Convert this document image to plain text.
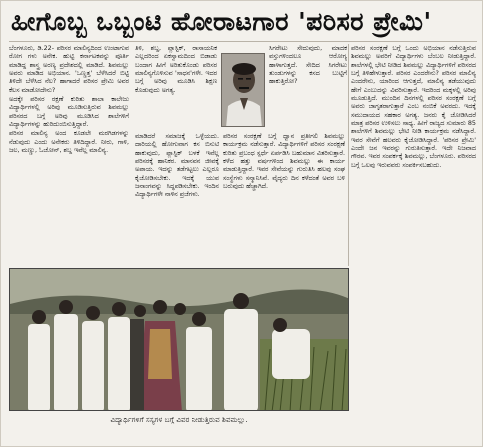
ಹೀಗೊಬ್ಬ ಒಬ್ಬಂಟಿ ಹೋರಾಟಗಾರ 'ಪರಿಸರ ಪ್ರೇಮಿ'

ಬೆಂಗಳೂರು, ಡಿ.22- ಪರಿಸರ ಮಾಲಿನ್ಯದಿಂದ ಉಂಟಾಗುವ ರೋಗ ಗಳು ಅನೇಕ. ಹುಟ್ಟಿ ಕರ್ನಾಟಕವನ್ನು ಪೂರ್ತಿ ಮಾಡಿದ್ದ ಶಾಸ್ತ್ರ ಅರಣ್ಯ ಪ್ರದೇಶದಲ್ಲಿ ಮಾಡಿದೆ. ಶಿವಮಲ್ಲು ಅವರು ಮಾಡಿದ ಅಭಿಯಾನ. 'ಒಣ್ಣತ್ತ' ಬೆಳೆಸಿದರೆ ಬಿಟ್ಟಿ ತಿಳಿದೇ ಬೆಳೆಸಿದ ನೆಲ? ಹಾಗಾದರೆ ಪರಿಸರ ಪ್ರೇಮಿ ಅವರ ಕೆಲಸ ಮಾಡೋದೇನು?

ಅದಕ್ಕೇ ಪರಿಸರ ರಕ್ಷಣೆ ಕುರಿತು ಶಾಲಾ ಕಾಲೇಜು ವಿದ್ಯಾರ್ಥಿಗಳಲ್ಲಿ ಅರಿವು ಮೂಡಿಸುತ್ತಿರುವ ಶಿವಮಲ್ಲು ಪರಿಸರದ ಬಗ್ಗೆ ಅರಿವು ಮೂಡಿಸಿದ ಶಾಲೆಗಳಿಗೆ ವಿದ್ಯಾರ್ಥಿಗಳನ್ನು ಹುರಿದುಂಬಿಸುತ್ತಿದ್ದಾರೆ.

ಪರಿಸರ ಮಾಲಿನ್ಯ ಅಂದ ಕೂಡಲೇ ಮರಗಿಡಗಳನ್ನು ನೆಡುವುದು ಎಂದು ಅನೇಕರು ತಿಳಿದಿದ್ದಾರೆ. ನೀರು, ಗಾಳಿ, ಜಲ, ಮಣ್ಣು, ಓಜೋನ್, ಶಬ್ದ ಇವೆಲ್ಲ ಮಾಲಿನ್ಯ.

ತಿಳಿ, ಶಬ್ದ, ಪ್ಲಾಸ್ಟಿಕ್, ರಾಸಾಯನಿಕ ಎಲ್ಲದರಿಂದ ಏಕಸ್ವಾಮದಿಂದ ಬಿಡಾಡು ಬಂದಾಗ ಹೀಗೆ ಅರಿತುಕೊಂಡು ಪರಿಸರ ಮಾಲಿನ್ಯಗೊಳಿಸುವ 'ಸಾಧನ'ಗಳೇ. ಇದರ ಬಗ್ಗೆ ಅರಿವು ಮೂಡಿಸಿ ಶಿಕ್ಷಣ ಕೊಡುವುದು ಅಗತ್ಯ.

ಸಿಗರೇಟು ಸೇದುವುದು, ಮಾದಕ ವಸ್ತುಗಳಿಂದಲೂ ಆರೋಗ್ಯ ಹಾಳಾಗುತ್ತದೆ. ಸೇದಿದ ಸಿಗರೇಟು ತುಂಡುಗಳನ್ನು ಕಸದ ಬುಟ್ಟಿಗೆ ಹಾಕುತ್ತಿರೋ?

ಮಾಡಿದರೆ ಸಮಾಜಕ್ಕೆ ಒಳ್ಳೆಯದು. ದಾರಿಯಲ್ಲಿ ಹೋಗುವಾಗ ಕಸ ಬಿಸುಟಿ ಹಾಕುವುದು, ಪ್ಲಾಸ್ಟಿಕ್ ಬಳಕೆ ಇವೆಲ್ಲ ಪರಿಸರಕ್ಕೆ ಹಾನಿಕರ. ಮಾನವನ ಜೀವಕ್ಕೆ ಅಪಾಯ. ಇದನ್ನು ತಡೆಗಟ್ಟಲು ಎಲ್ಲರೂ ಕೈಜೋಡಿಸಬೇಕು. ಇದಕ್ಕೆ ಯುವ ಜನಾಂಗವನ್ನು ಸಿದ್ಧಪಡಿಸಬೇಕು. ಇಂದಿನ ವಿದ್ಯಾರ್ಥಿಗಳೇ ನಾಳಿನ ಪ್ರಜೆಗಳು.

ಪರಿಸರ ಸಂರಕ್ಷಣೆ ಬಗ್ಗೆ ಧ್ವಾನ ಪ್ರತೀಗಲಿ ಶಿವಮಲ್ಲು ಕಾರ್ಯಕ್ರಮ ನಡೆಸುತ್ತಾರೆ. ವಿದ್ಯಾರ್ಥಿಗಳಿಗೆ ಪರಿಸರ ಸಂರಕ್ಷಣೆ ಕುರಿತು ಪ್ರಬಂಧ ಸ್ಪರ್ಧೆ ಏರ್ಪಡಿಸಿ ಬಹುಮಾನ ವಿತರಿಸುತ್ತಾರೆ. ಕಳೆದ ಹತ್ತು ವರ್ಷಗಳಿಂದ ಶಿವಮಲ್ಲು ಈ ಕಾರ್ಯ ಮಾಡುತ್ತಿದ್ದಾರೆ. ಇವರ ಸೇವೆಯನ್ನು ಗುರುತಿಸಿ ಹಲವು ಸಂಘ ಸಂಸ್ಥೆಗಳು ಸನ್ಮಾನಿಸಿವೆ. ವೈದ್ಯರು ದಿನ ಕಳೆದಂತೆ ಅವರ ಬಳಿ ಬರುವುದು ಹೆಚ್ಚಾಗಿದೆ.

ಪರಿಸರ ಸಂರಕ್ಷಣೆ ಬಗ್ಗೆ ಒಂದು ಅಭಿಯಾನ ನಡೆಸುತ್ತಿರುವ ಶಿವಮಲ್ಲು ಅವರಿಗೆ ವಿದ್ಯಾರ್ಥಿಗಳು ಬೆಂಬಲ ನೀಡುತ್ತಿದ್ದಾರೆ. ಶಾಲೆಗಳಲ್ಲಿ ಭೇಟಿ ನೀಡಿದ ಶಿವಮಲ್ಲು ವಿದ್ಯಾರ್ಥಿಗಳಿಗೆ ಪರಿಸರದ ಬಗ್ಗೆ ತಿಳಿಹೇಳುತ್ತಾರೆ. ಪರಿಸರ ಎಂದರೇನು? ಪರಿಸರ ಮಾಲಿನ್ಯ ಎಂದರೇನು, ಯಾರಿಂದ ಆಗುತ್ತದೆ, ಮಾಲಿನ್ಯ ತಡೆಯುವುದು ಹೇಗೆ ಎಂಬುದನ್ನು ವಿವರಿಸುತ್ತಾರೆ. ಇದರಿಂದ ಮಕ್ಕಳಲ್ಲಿ ಅರಿವು ಮೂಡುತ್ತಿದೆ. ಮುಂದಿನ ದಿನಗಳಲ್ಲಿ ಪರಿಸರ ಸಂರಕ್ಷಣೆ ಬಗ್ಗೆ ಅವರು ಜಾಗೃತರಾಗುತ್ತಾರೆ ಎಂಬ ನಂಬಿಕೆ ಅವರದು. ಇದಕ್ಕೆ ಸಮುದಾಯದ ಸಹಕಾರ ಅಗತ್ಯ. ಜನರು ಕೈ ಜೋಡಿಸಿದರೆ ಮಾತ್ರ ಪರಿಸರ ಉಳಿಸಲು ಸಾಧ್ಯ. ಹೀಗೆ ರಾಜ್ಯದ ಸುಮಾರು 85 ಶಾಲೆಗಳಿಗೆ ಶಿವಮಲ್ಲು ಭೇಟಿ ನೀಡಿ ಕಾರ್ಯಕ್ರಮ ನಡೆಸಿದ್ದಾರೆ. ಇವರ ಸೇವೆಗೆ ಹಲವರು ಕೈಜೋಡಿಸಿದ್ದಾರೆ. 'ಪರಿಸರ ಪ್ರೇಮಿ' ಎಂದೇ ಜನ ಇವರನ್ನು ಗುರುತಿಸುತ್ತಾರೆ. ಇದೇ ನಿಜವಾದ ಗೌರವ. ಇವರ ಸಂಪರ್ಕಕ್ಕೆ ಶಿವಮಲ್ಲು, ಬೆಂಗಳೂರು. ಪರಿಸರದ ಬಗ್ಗೆ ಒಲವು ಇರುವವರು ಸಂಪರ್ಕಿಸಬಹುದು.

ವಿದ್ಯಾರ್ಥಿಗಳಿಗೆ ಸಸ್ಯಗಳ ಬಗ್ಗೆ ವಿವರ ನೀಡುತ್ತಿರುವ ಶಿವಮಲ್ಲು.
